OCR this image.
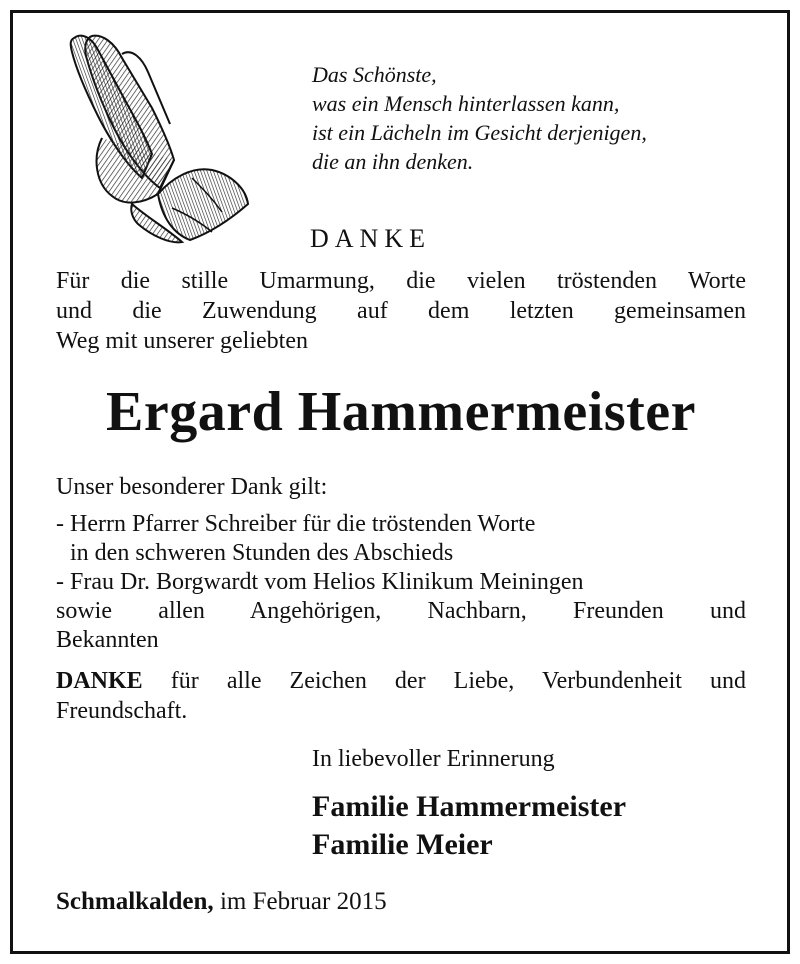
Das Schönste,
was ein Mensch hinterlassen kann,
ist ein Lächeln im Gesicht derjenigen,
die an ihn denken.
DANKE
Für die stille Umarmung, die vielen tröstenden Worte
und die Zuwendung auf dem letzten gemeinsamen
Weg mit unserer geliebten
Ergard Hammermeister
Unser besonderer Dank gilt:
- Herrn Pfarrer Schreiber für die tröstenden Worte
in den schweren Stunden des Abschieds
- Frau Dr. Borgwardt vom Helios Klinikum Meiningen
sowie allen Angehörigen, Nachbarn, Freunden und
Bekannten
DANKE für alle Zeichen der Liebe, Verbundenheit und
Freundschaft.
In liebevoller Erinnerung
Familie Hammermeister
Familie Meier
Schmalkalden, im Februar 2015
